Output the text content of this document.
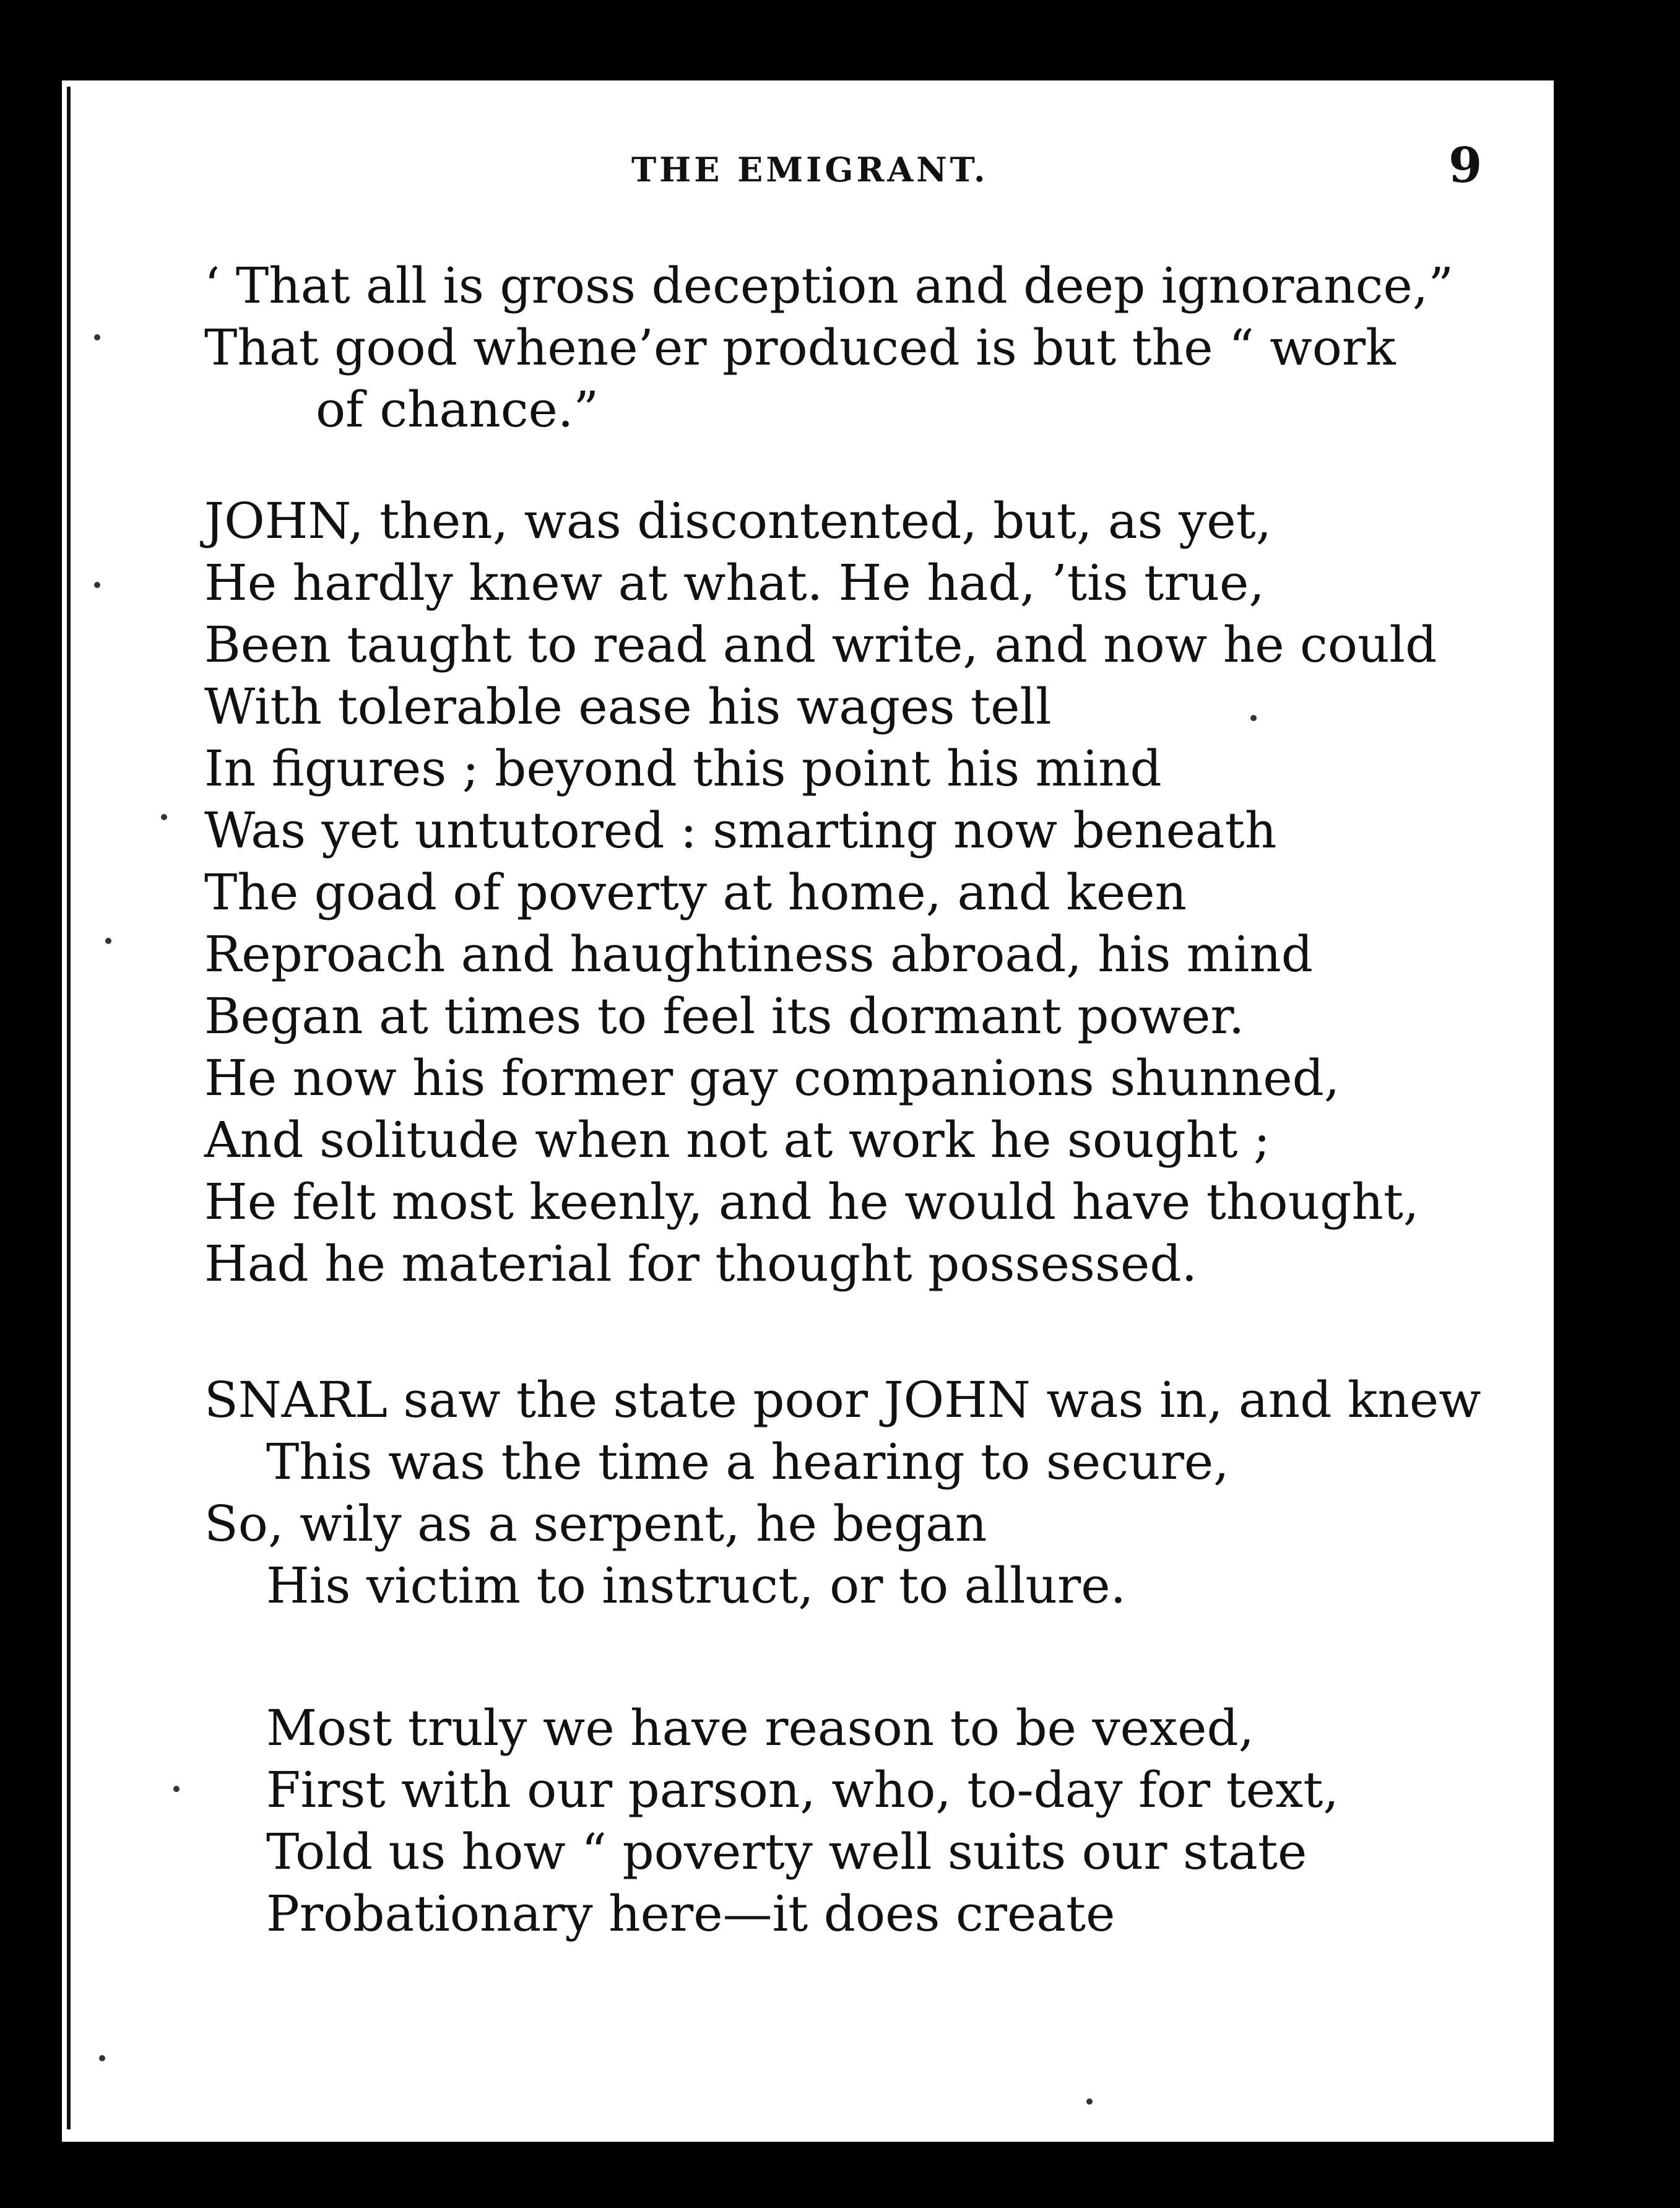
THE EMIGRANT.	9
‘ That all is gross deception and deep ignorance,”
That good whene’er produced is but the “ work
of chance.”
JOHN, then, was discontented, but, as yet,
He hardly knew at what. He had, ’tis true,
Been taught to read and write, and now he could
With tolerable ease his wages tell
In figures ; beyond this point his mind
Was yet untutored : smarting now beneath
The goad of poverty at home, and keen
Reproach and haughtiness abroad, his mind
Began at times to feel its dormant power.
He now his former gay companions shunned,
And solitude when not at work he sought ;
He felt most keenly, and he would have thought,
Had he material for thought possessed.
SNARL saw the state poor JOHN was in, and knew
This was the time a hearing to secure,
So, wily as a serpent, he began
His victim to instruct, or to allure.
Most truly we have reason to be vexed,
First with our parson, who, to-day for text,
Told us how “ poverty well suits our state
Probationary here—it does create
